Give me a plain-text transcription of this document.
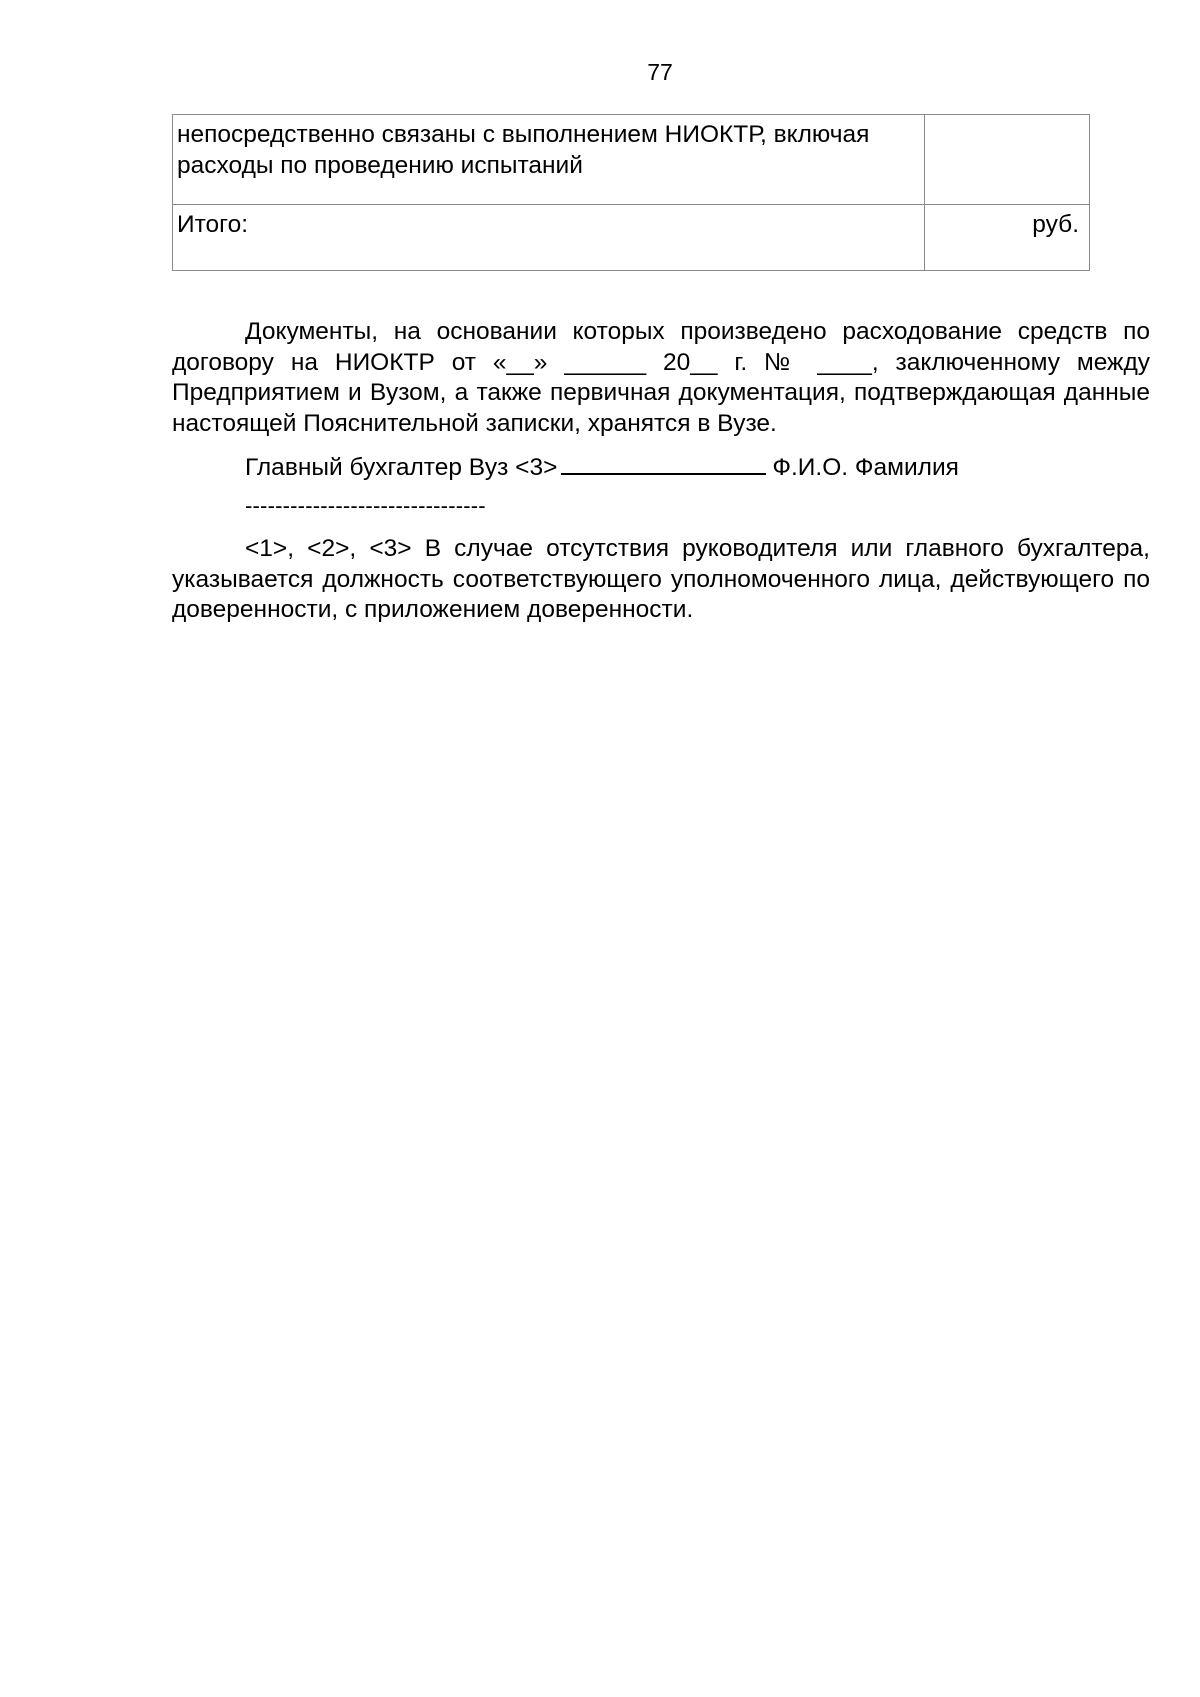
77
непосредственно связаны с выполнением НИОКТР, включая расходы по проведению испытаний	
Итого:	руб.
Документы, на основании которых произведено расходование средств по договору на НИОКТР от «__» ______ 20__ г. № ____, заключенному между Предприятием и Вузом, а также первичная документация, подтверждающая данные настоящей Пояснительной записки, хранятся в Вузе.
Главный бухгалтер Вуз <3>	Ф.И.О. Фамилия
--------------------------------
<1>, <2>, <3> В случае отсутствия руководителя или главного бухгалтера, указывается должность соответствующего уполномоченного лица, действующего по доверенности, с приложением доверенности.
